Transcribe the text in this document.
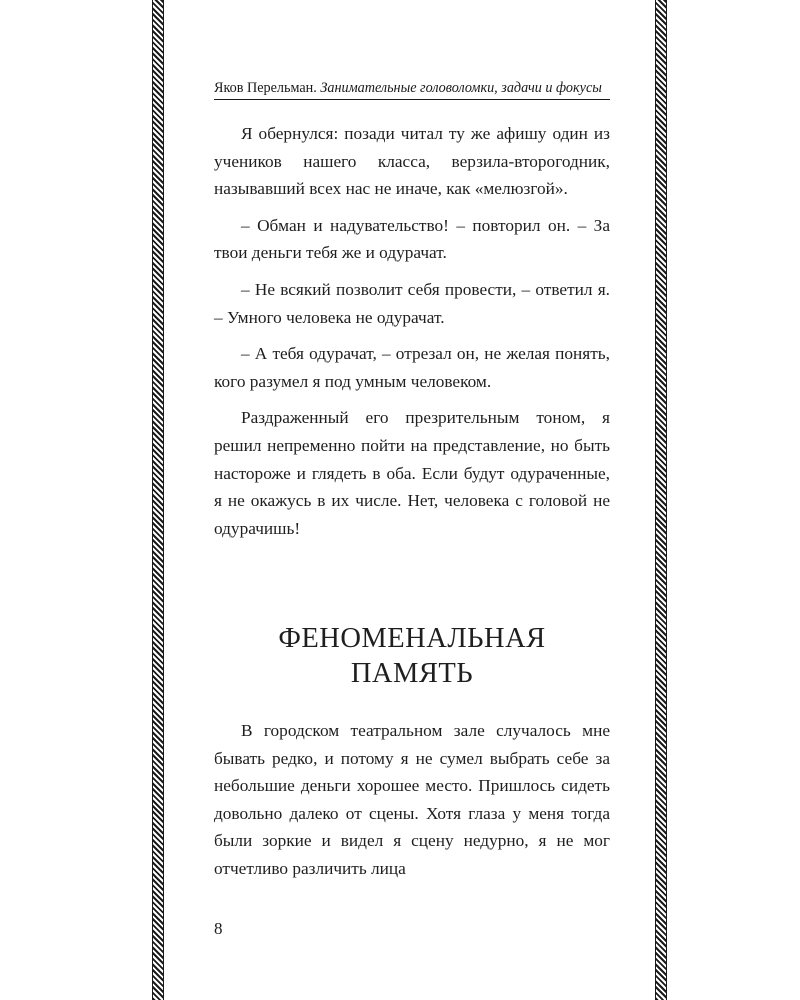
Яков Перельман. Занимательные головоломки, задачи и фокусы

Я обернулся: позади читал ту же афишу один из учеников нашего класса, верзила-второгодник, называвший всех нас не иначе, как «мелюзгой».

– Обман и надувательство! – повторил он. – За твои деньги тебя же и одурачат.

– Не всякий позволит себя провести, – ответил я. – Умного человека не одурачат.

– А тебя одурачат, – отрезал он, не желая понять, кого разумел я под умным человеком.

Раздраженный его презрительным тоном, я решил непременно пойти на представление, но быть настороже и глядеть в оба. Если будут одураченные, я не окажусь в их числе. Нет, человека с головой не одурачишь!

ФЕНОМЕНАЛЬНАЯ
ПАМЯТЬ

В городском театральном зале случалось мне бывать редко, и потому я не сумел выбрать себе за небольшие деньги хорошее место. Пришлось сидеть довольно далеко от сцены. Хотя глаза у меня тогда были зоркие и видел я сцену недурно, я не мог отчетливо различить лица

8
